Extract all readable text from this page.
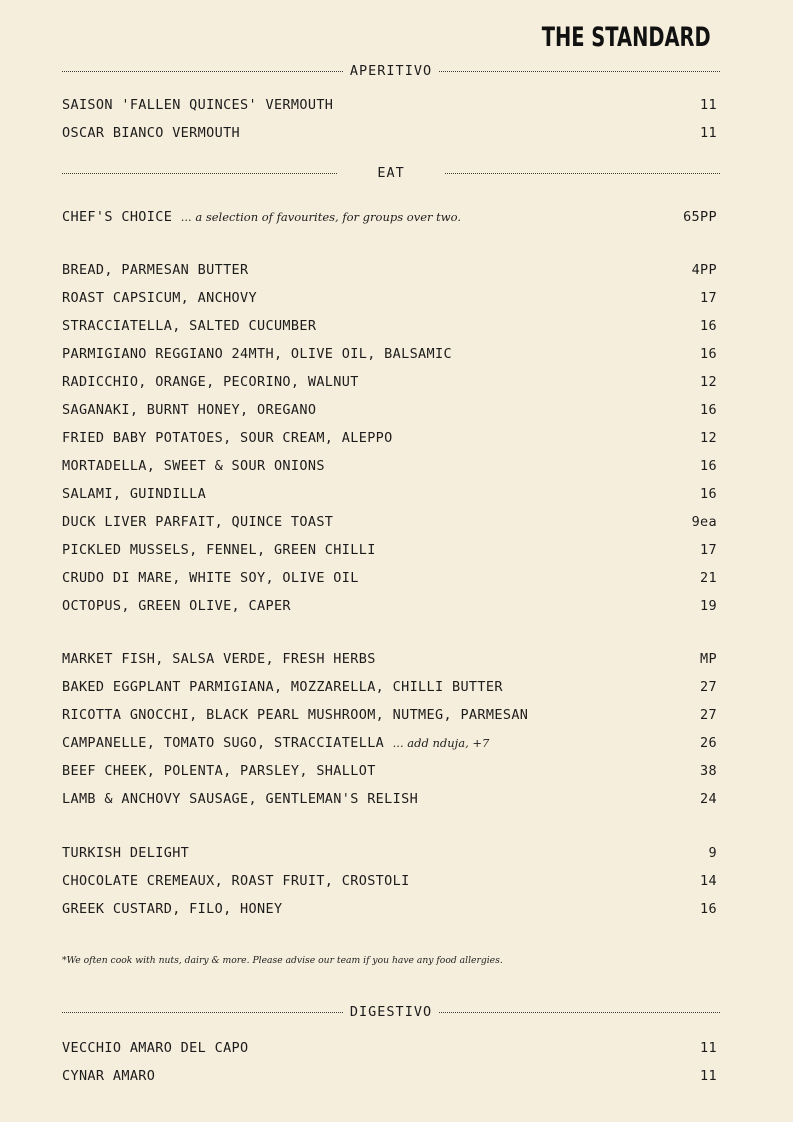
THE STANDARD
APERITIVO
SAISON 'FALLEN QUINCES' VERMOUTH	11
OSCAR BIANCO VERMOUTH	11
EAT
CHEF'S CHOICE ... a selection of favourites, for groups over two.	65PP
BREAD, PARMESAN BUTTER	4PP
ROAST CAPSICUM, ANCHOVY	17
STRACCIATELLA, SALTED CUCUMBER	16
PARMIGIANO REGGIANO 24MTH, OLIVE OIL, BALSAMIC	16
RADICCHIO, ORANGE, PECORINO, WALNUT	12
SAGANAKI, BURNT HONEY, OREGANO	16
FRIED BABY POTATOES, SOUR CREAM, ALEPPO	12
MORTADELLA, SWEET & SOUR ONIONS	16
SALAMI, GUINDILLA	16
DUCK LIVER PARFAIT, QUINCE TOAST	9ea
PICKLED MUSSELS, FENNEL, GREEN CHILLI	17
CRUDO DI MARE, WHITE SOY, OLIVE OIL	21
OCTOPUS, GREEN OLIVE, CAPER	19
MARKET FISH, SALSA VERDE, FRESH HERBS	MP
BAKED EGGPLANT PARMIGIANA, MOZZARELLA, CHILLI BUTTER	27
RICOTTA GNOCCHI, BLACK PEARL MUSHROOM, NUTMEG, PARMESAN	27
CAMPANELLE, TOMATO SUGO, STRACCIATELLA ... add nduja, +7	26
BEEF CHEEK, POLENTA, PARSLEY, SHALLOT	38
LAMB & ANCHOVY SAUSAGE, GENTLEMAN'S RELISH	24
TURKISH DELIGHT	9
CHOCOLATE CREMEAUX, ROAST FRUIT, CROSTOLI	14
GREEK CUSTARD, FILO, HONEY	16
*We often cook with nuts, dairy & more. Please advise our team if you have any food allergies.
DIGESTIVO
VECCHIO AMARO DEL CAPO	11
CYNAR AMARO	11
